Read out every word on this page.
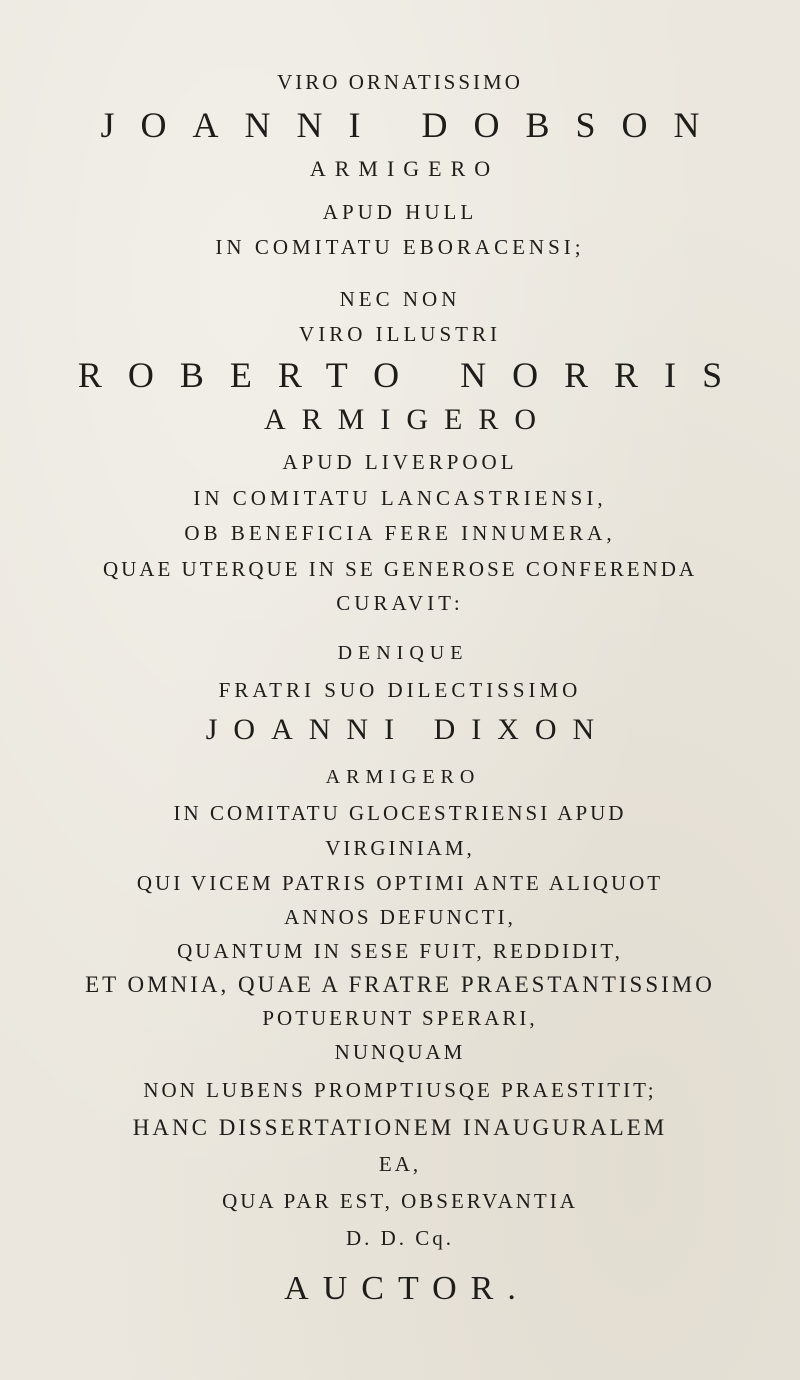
VIRO ORNATISSIMO
JOANNI DOBSON
ARMIGERO
APUD HULL
IN COMITATU EBORACENSI;
NEC NON
VIRO ILLUSTRI
ROBERTO NORRIS
ARMIGERO
APUD LIVERPOOL
IN COMITATU LANCASTRIENSI,
OB BENEFICIA FERE INNUMERA,
QUAE UTERQUE IN SE GENEROSE CONFERENDA
CURAVIT:
DENIQUE
FRATRI SUO DILECTISSIMO
JOANNI DIXON
ARMIGERO
IN COMITATU GLOCESTRIENSI APUD
VIRGINIAM,
QUI VICEM PATRIS OPTIMI ANTE ALIQUOT
ANNOS DEFUNCTI,
QUANTUM IN SESE FUIT, REDDIDIT,
ET OMNIA, QUAE A FRATRE PRAESTANTISSIMO
POTUERUNT SPERARI,
NUNQUAM
NON LUBENS PROMPTIUSQE PRAESTITIT;
HANC DISSERTATIONEM INAUGURALEM
EA,
QUA PAR EST, OBSERVANTIA
D. D. Cq.
AUCTOR.
